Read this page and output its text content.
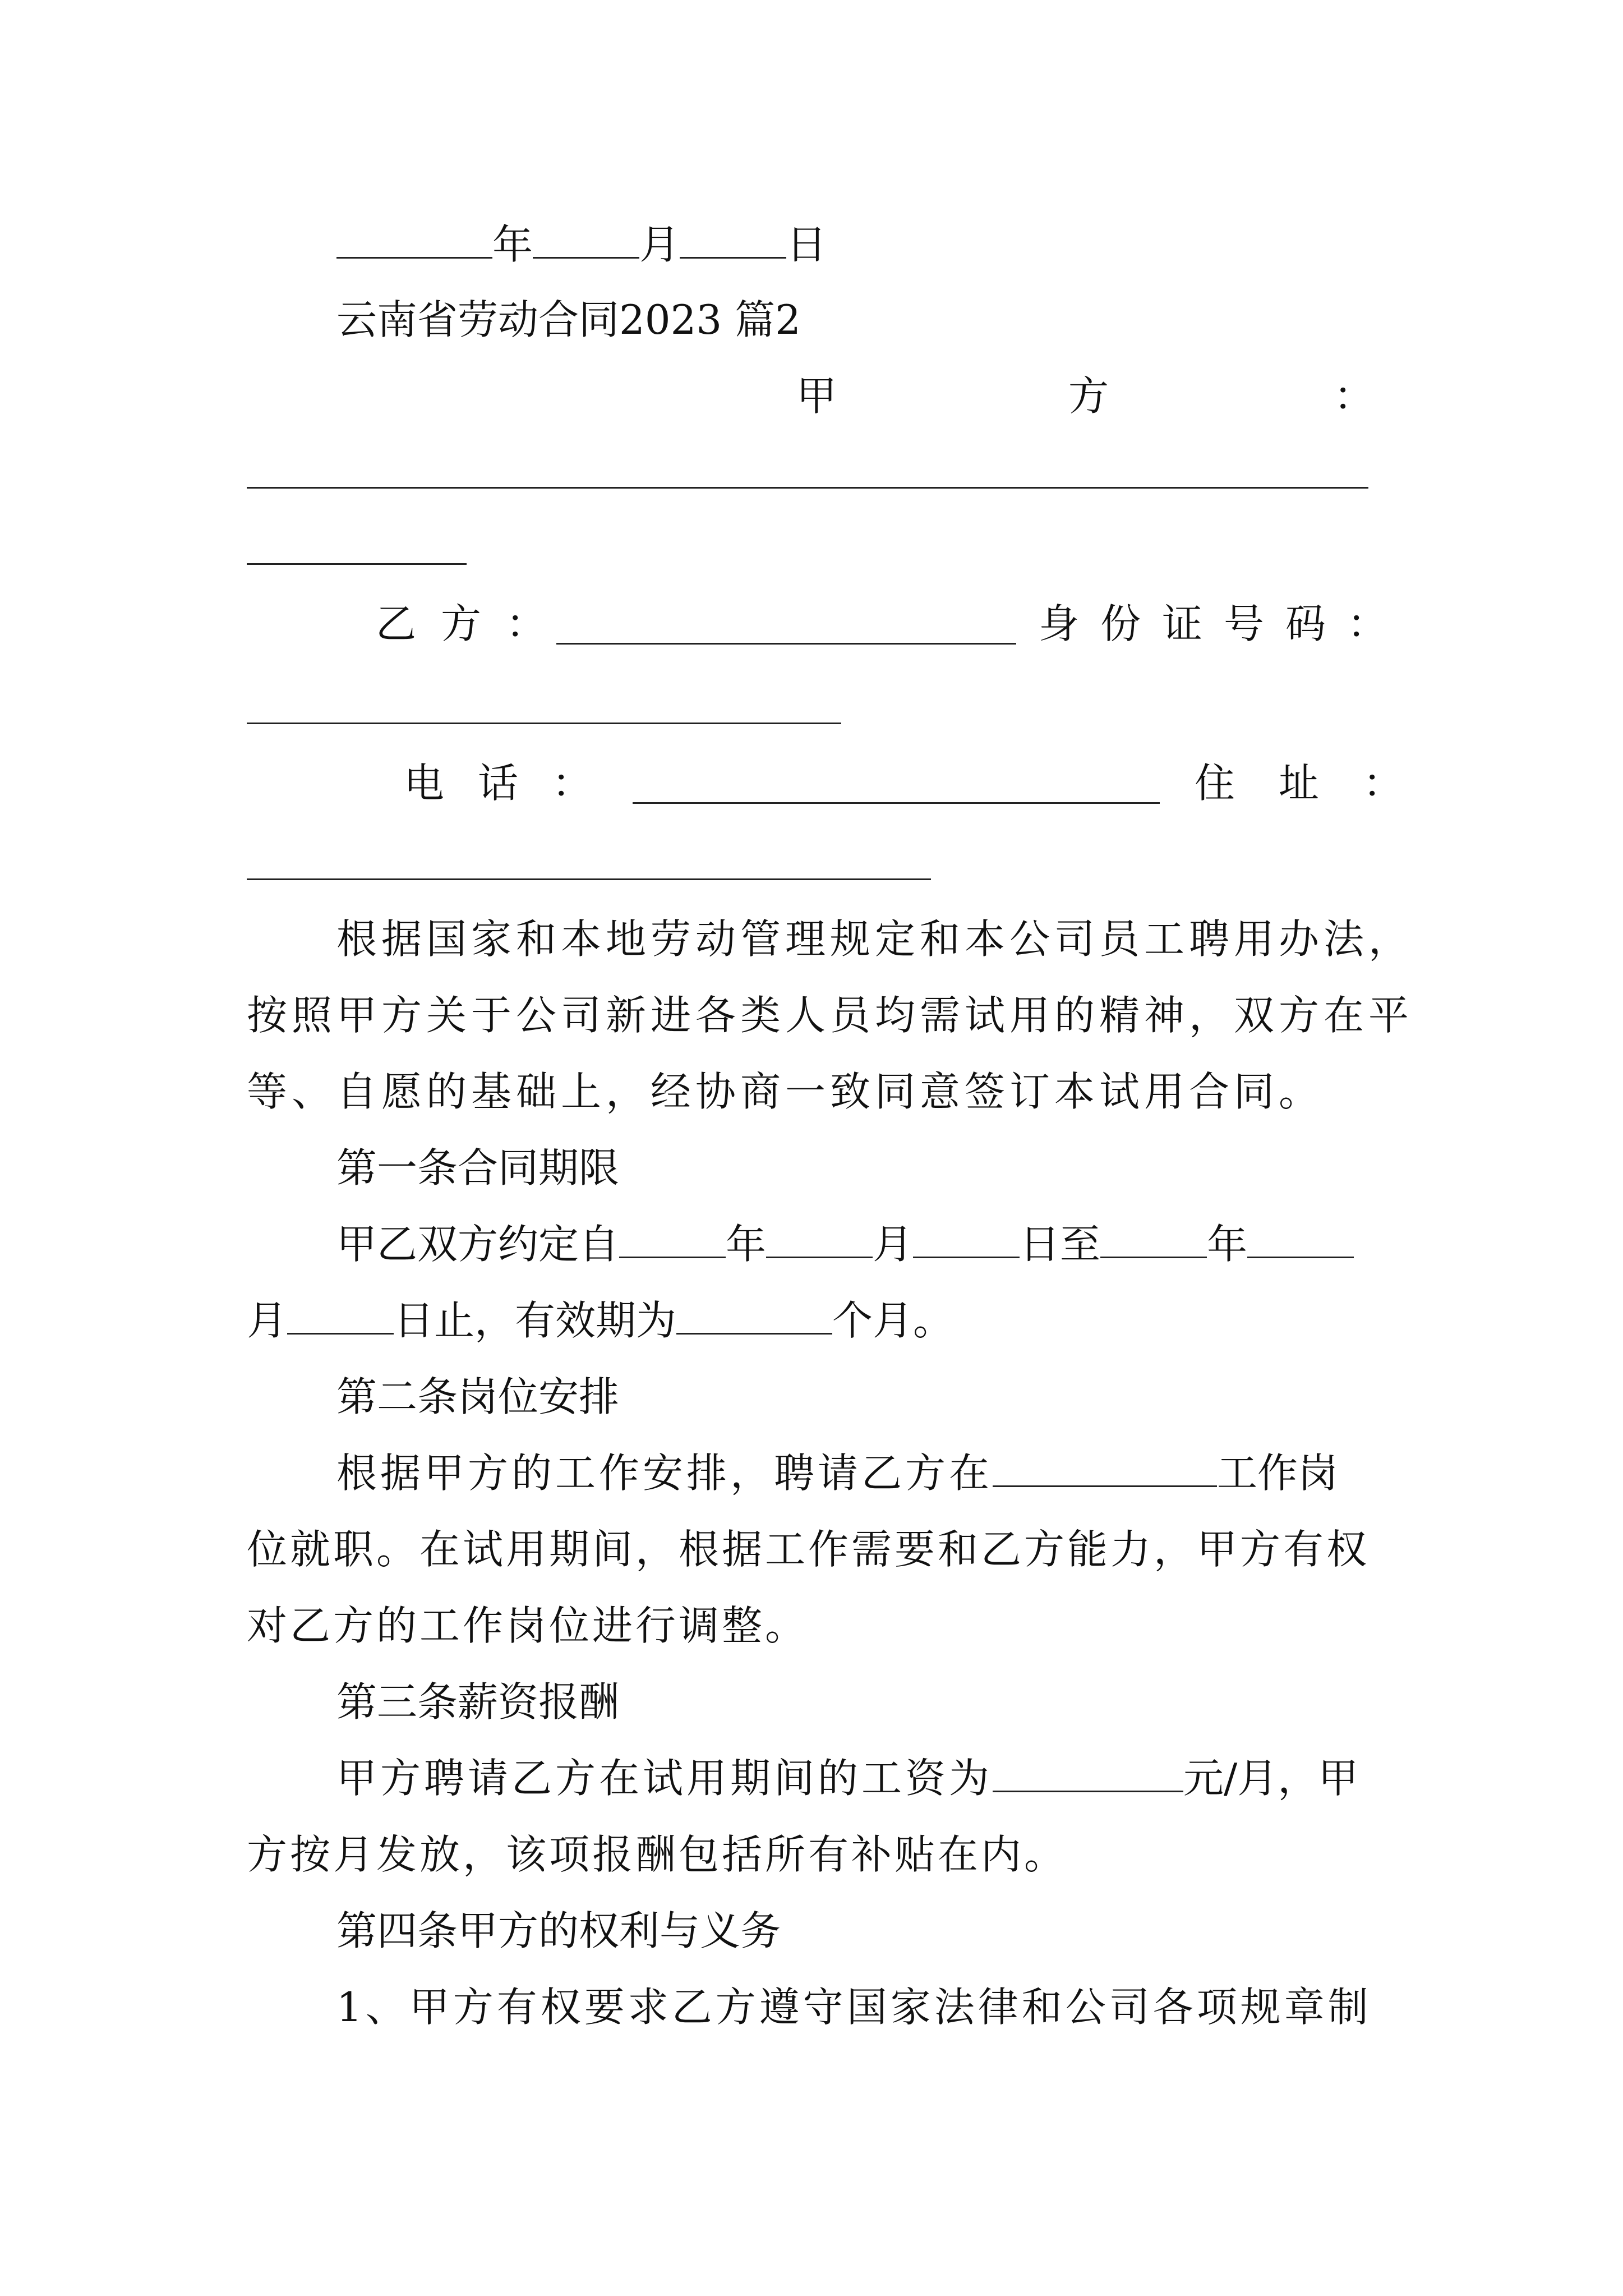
年	月	日
云南省劳动合同2023 篇2
甲	方	：
乙方：	身份证号码：
电话：	住址：
根据国家和本地劳动管理规定和本公司员工聘用办法，
按照甲方关于公司新进各类人员均需试用的精神，双方在平
等、自愿的基础上，经协商一致同意签订本试用合同。
第一条合同期限
甲乙双方约定自	年	月	日至	年
月	日止，有效期为	个月。
第二条岗位安排
根据甲方的工作安排，聘请乙方在	工作岗
位就职。在试用期间，根据工作需要和乙方能力，甲方有权
对乙方的工作岗位进行调整。
第三条薪资报酬
甲方聘请乙方在试用期间的工资为	元/月，甲
方按月发放，该项报酬包括所有补贴在内。
第四条甲方的权利与义务
1、甲方有权要求乙方遵守国家法律和公司各项规章制
